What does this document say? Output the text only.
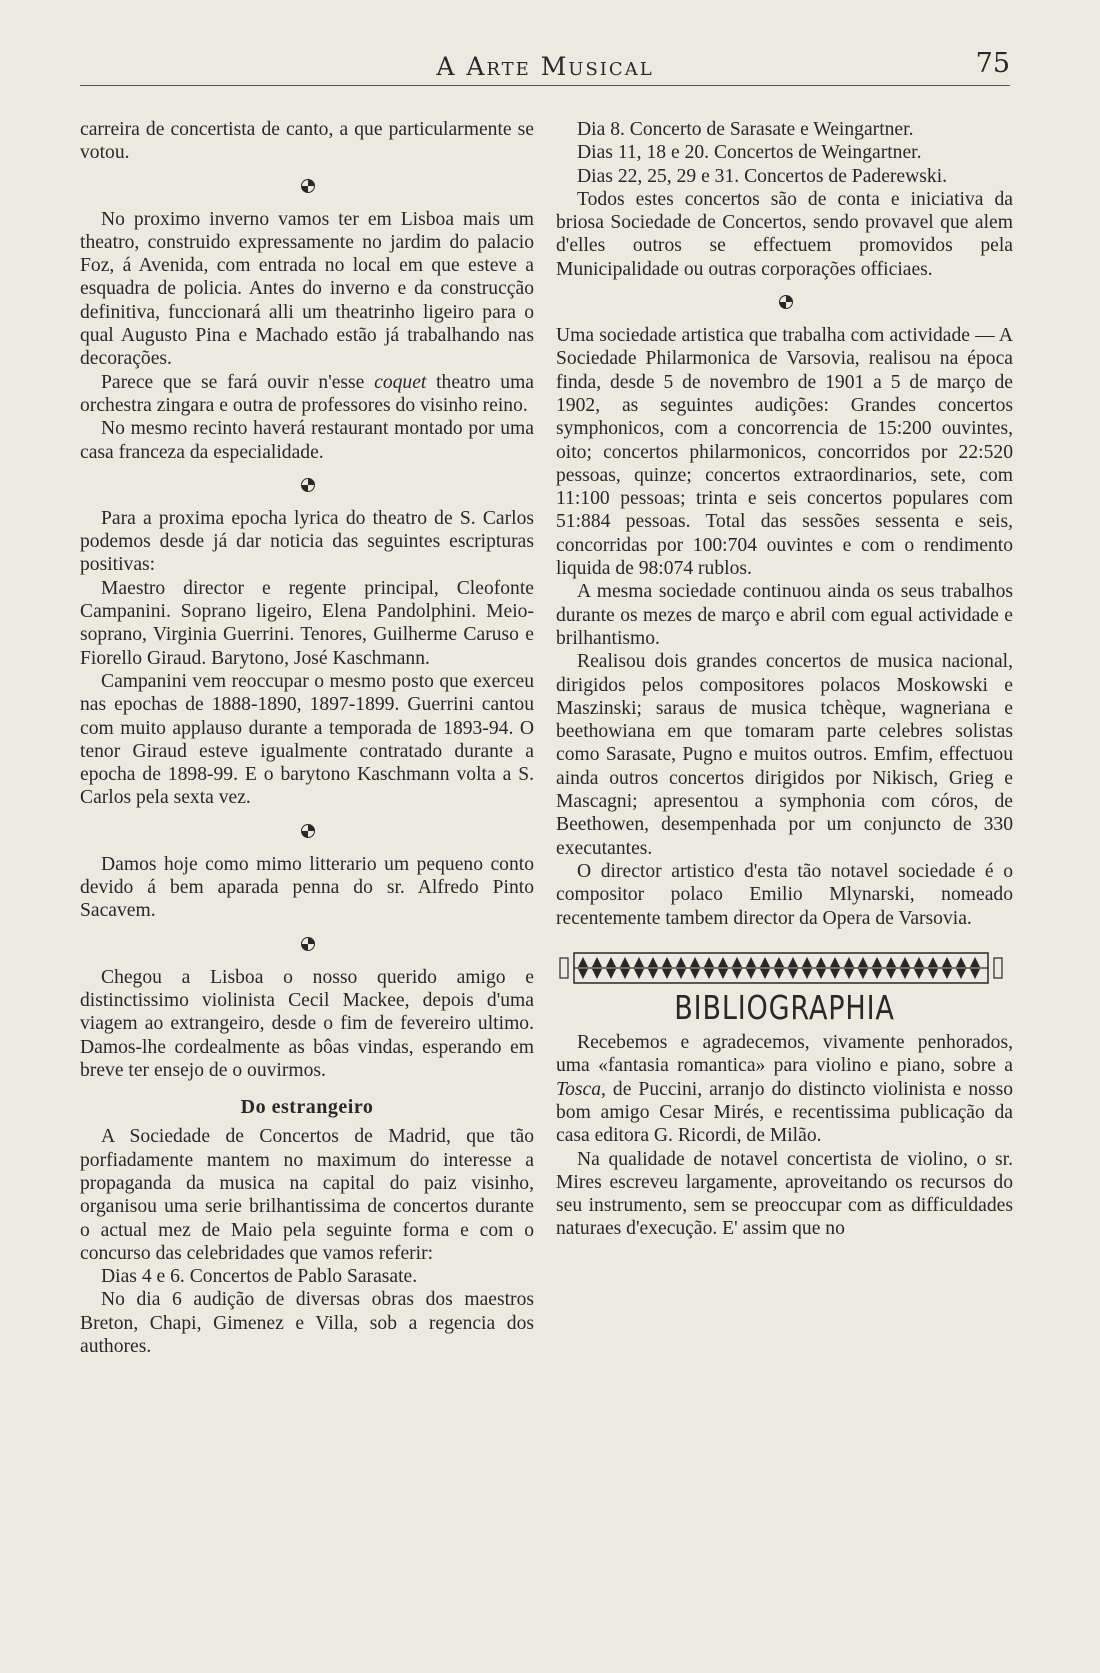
A Arte Musical	75

carreira de concertista de canto, a que particularmente se votou.

No proximo inverno vamos ter em Lisboa mais um theatro, construido expressamente no jardim do palacio Foz, á Avenida, com entrada no local em que esteve a esquadra de policia. Antes do inverno e da construcção definitiva, funccionará alli um theatrinho ligeiro para o qual Augusto Pina e Machado estão já trabalhando nas decorações.

Parece que se fará ouvir n'esse coquet theatro uma orchestra zingara e outra de professores do visinho reino.

No mesmo recinto haverá restaurant montado por uma casa franceza da especialidade.

Para a proxima epocha lyrica do theatro de S. Carlos podemos desde já dar noticia das seguintes escripturas positivas:

Maestro director e regente principal, Cleofonte Campanini. Soprano ligeiro, Elena Pandolphini. Meio-soprano, Virginia Guerrini. Tenores, Guilherme Caruso e Fiorello Giraud. Barytono, José Kaschmann.

Campanini vem reoccupar o mesmo posto que exerceu nas epochas de 1888-1890, 1897-1899. Guerrini cantou com muito applauso durante a temporada de 1893-94. O tenor Giraud esteve igualmente contratado durante a epocha de 1898-99. E o barytono Kaschmann volta a S. Carlos pela sexta vez.

Damos hoje como mimo litterario um pequeno conto devido á bem aparada penna do sr. Alfredo Pinto Sacavem.

Chegou a Lisboa o nosso querido amigo e distinctissimo violinista Cecil Mackee, depois d'uma viagem ao extrangeiro, desde o fim de fevereiro ultimo. Damos-lhe cordealmente as bôas vindas, esperando em breve ter ensejo de o ouvirmos.

Do estrangeiro

A Sociedade de Concertos de Madrid, que tão porfiadamente mantem no maximum do interesse a propaganda da musica na capital do paiz visinho, organisou uma serie brilhantissima de concertos durante o actual mez de Maio pela seguinte forma e com o concurso das celebridades que vamos referir:

Dias 4 e 6. Concertos de Pablo Sarasate.

No dia 6 audição de diversas obras dos maestros Breton, Chapi, Gimenez e Villa, sob a regencia dos authores.

Dia 8. Concerto de Sarasate e Weingartner.

Dias 11, 18 e 20. Concertos de Weingartner.

Dias 22, 25, 29 e 31. Concertos de Paderewski.

Todos estes concertos são de conta e iniciativa da briosa Sociedade de Concertos, sendo provavel que alem d'elles outros se effectuem promovidos pela Municipalidade ou outras corporações officiaes.

Uma sociedade artistica que trabalha com actividade — A Sociedade Philarmonica de Varsovia, realisou na época finda, desde 5 de novembro de 1901 a 5 de março de 1902, as seguintes audições: Grandes concertos symphonicos, com a concorrencia de 15:200 ouvintes, oito; concertos philarmonicos, concorridos por 22:520 pessoas, quinze; concertos extraordinarios, sete, com 11:100 pessoas; trinta e seis concertos populares com 51:884 pessoas. Total das sessões sessenta e seis, concorridas por 100:704 ouvintes e com o rendimento liquida de 98:074 rublos.

A mesma sociedade continuou ainda os seus trabalhos durante os mezes de março e abril com egual actividade e brilhantismo.

Realisou dois grandes concertos de musica nacional, dirigidos pelos compositores polacos Moskowski e Maszinski; saraus de musica tchèque, wagneriana e beethowiana em que tomaram parte celebres solistas como Sarasate, Pugno e muitos outros. Emfim, effectuou ainda outros concertos dirigidos por Nikisch, Grieg e Mascagni; apresentou a symphonia com córos, de Beethowen, desempenhada por um conjuncto de 330 executantes.

O director artistico d'esta tão notavel sociedade é o compositor polaco Emilio Mlynarski, nomeado recentemente tambem director da Opera de Varsovia.

BIBLIOGRAPHIA

Recebemos e agradecemos, vivamente penhorados, uma «fantasia romantica» para violino e piano, sobre a Tosca, de Puccini, arranjo do distincto violinista e nosso bom amigo Cesar Mirés, e recentissima publicação da casa editora G. Ricordi, de Milão.

Na qualidade de notavel concertista de violino, o sr. Mires escreveu largamente, aproveitando os recursos do seu instrumento, sem se preoccupar com as difficuldades naturaes d'execução. E' assim que no
